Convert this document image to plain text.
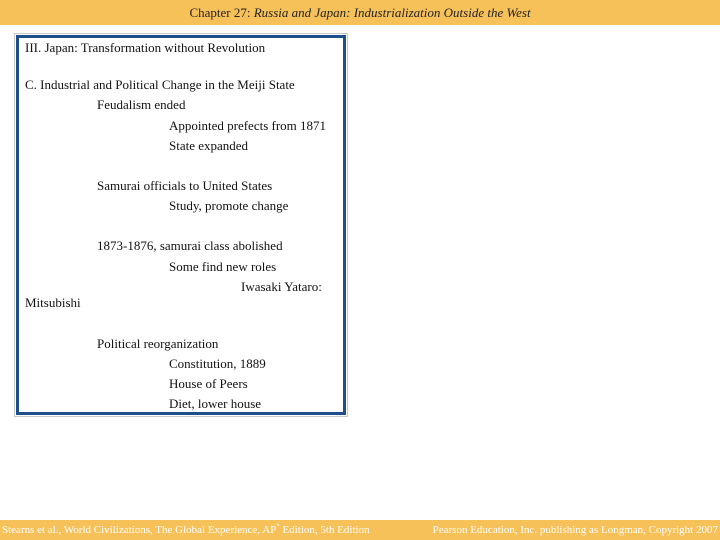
Chapter 27: Russia and Japan: Industrialization Outside the West
III. Japan: Transformation without Revolution
C. Industrial and Political Change in the Meiji State
Feudalism ended
Appointed prefects from 1871
State expanded
Samurai officials to United States
Study, promote change
1873-1876, samurai class abolished
Some find new roles
Iwasaki Yataro:
Mitsubishi
Political reorganization
Constitution, 1889
House of Peers
Diet, lower house
Stearns et al., World Civilizations, The Global Experience, AP* Edition, 5th Edition	Pearson Education, Inc. publishing as Longman, Copyright 2007
